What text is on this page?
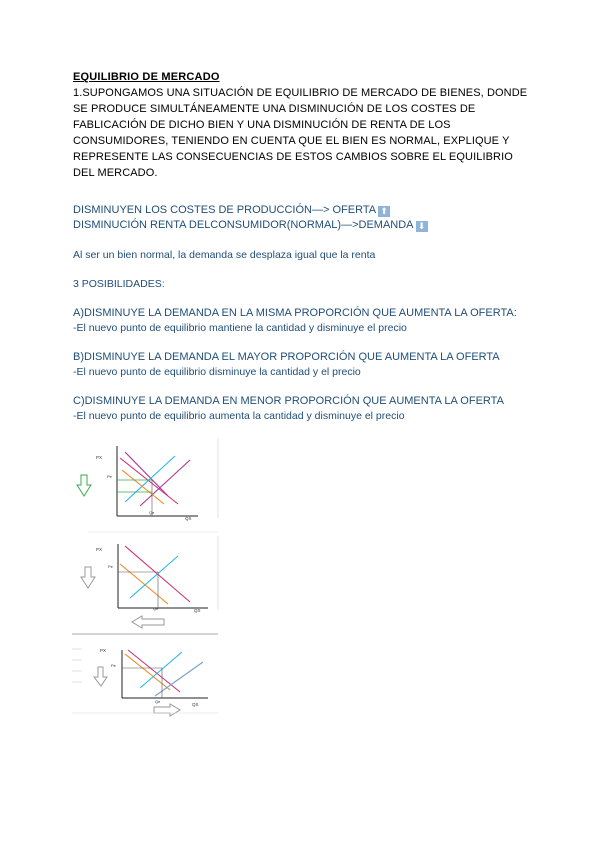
EQUILIBRIO DE MERCADO
1.SUPONGAMOS UNA SITUACIÓN DE EQUILIBRIO DE MERCADO DE BIENES, DONDE
SE PRODUCE SIMULTÁNEAMENTE UNA DISMINUCIÓN DE LOS COSTES DE
FABLICACIÓN DE DICHO BIEN Y UNA DISMINUCIÓN DE RENTA DE LOS
CONSUMIDORES, TENIENDO EN CUENTA QUE EL BIEN ES NORMAL, EXPLIQUE Y
REPRESENTE LAS CONSECUENCIAS DE ESTOS CAMBIOS SOBRE EL EQUILIBRIO
DEL MERCADO.
DISMINUYEN LOS COSTES DE PRODUCCIÓN—> OFERTA ⬆
DISMINUCIÓN RENTA DELCONSUMIDOR(NORMAL)—>DEMANDA ⬇
Al ser un bien normal, la demanda se desplaza igual que la renta
3 POSIBILIDADES:
A)DISMINUYE LA DEMANDA EN LA MISMA PROPORCIÓN QUE AUMENTA LA OFERTA:
-El nuevo punto de equilibrio mantiene la cantidad y disminuye el precio
B)DISMINUYE LA DEMANDA EL MAYOR PROPORCIÓN QUE AUMENTA LA OFERTA
-El nuevo punto de equilibrio disminuye la cantidad y el precio
C)DISMINUYE LA DEMANDA EN MENOR PROPORCIÓN QUE AUMENTA LA OFERTA
-El nuevo punto de equilibrio aumenta la cantidad y disminuye el precio
PX
QX
Pe
Qe
PX
QX
Pe
Qe
PX
QX
Pe
Qe
